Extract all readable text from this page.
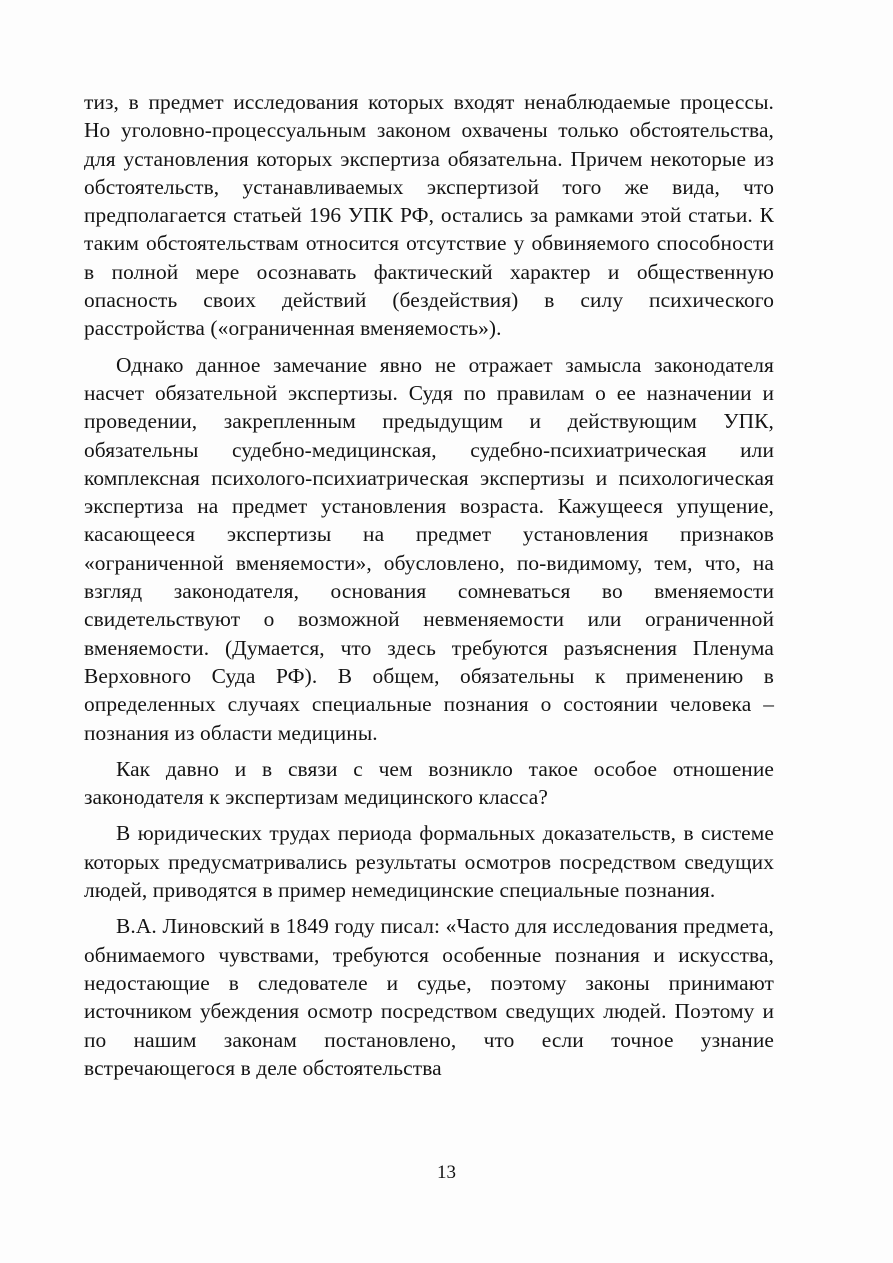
тиз, в предмет исследования которых входят ненаблюдаемые процессы. Но уголовно-процессуальным законом охвачены только обстоятельства, для установления которых экспертиза обязательна. Причем некоторые из обстоятельств, устанавливаемых экспертизой того же вида, что предполагается статьей 196 УПК РФ, остались за рамками этой статьи. К таким обстоятельствам относится отсутствие у обвиняемого способности в полной мере осознавать фактический характер и общественную опасность своих действий (бездействия) в силу психического расстройства («ограниченная вменяемость»).

Однако данное замечание явно не отражает замысла законодателя насчет обязательной экспертизы. Судя по правилам о ее назначении и проведении, закрепленным предыдущим и действующим УПК, обязательны судебно-медицинская, судебно-психиатрическая или комплексная психолого-психиатрическая экспертизы и психологическая экспертиза на предмет установления возраста. Кажущееся упущение, касающееся экспертизы на предмет установления признаков «ограниченной вменяемости», обусловлено, по-видимому, тем, что, на взгляд законодателя, основания сомневаться во вменяемости свидетельствуют о возможной невменяемости или ограниченной вменяемости. (Думается, что здесь требуются разъяснения Пленума Верховного Суда РФ). В общем, обязательны к применению в определенных случаях специальные познания о состоянии человека – познания из области медицины.

Как давно и в связи с чем возникло такое особое отношение законодателя к экспертизам медицинского класса?

В юридических трудах периода формальных доказательств, в системе которых предусматривались результаты осмотров посредством сведущих людей, приводятся в пример немедицинские специальные познания.

В.А. Линовский в 1849 году писал: «Часто для исследования предмета, обнимаемого чувствами, требуются особенные познания и искусства, недостающие в следователе и судье, поэтому законы принимают источником убеждения осмотр посредством сведущих людей. Поэтому и по нашим законам постановлено, что если точное узнание встречающегося в деле обстоятельства

13
